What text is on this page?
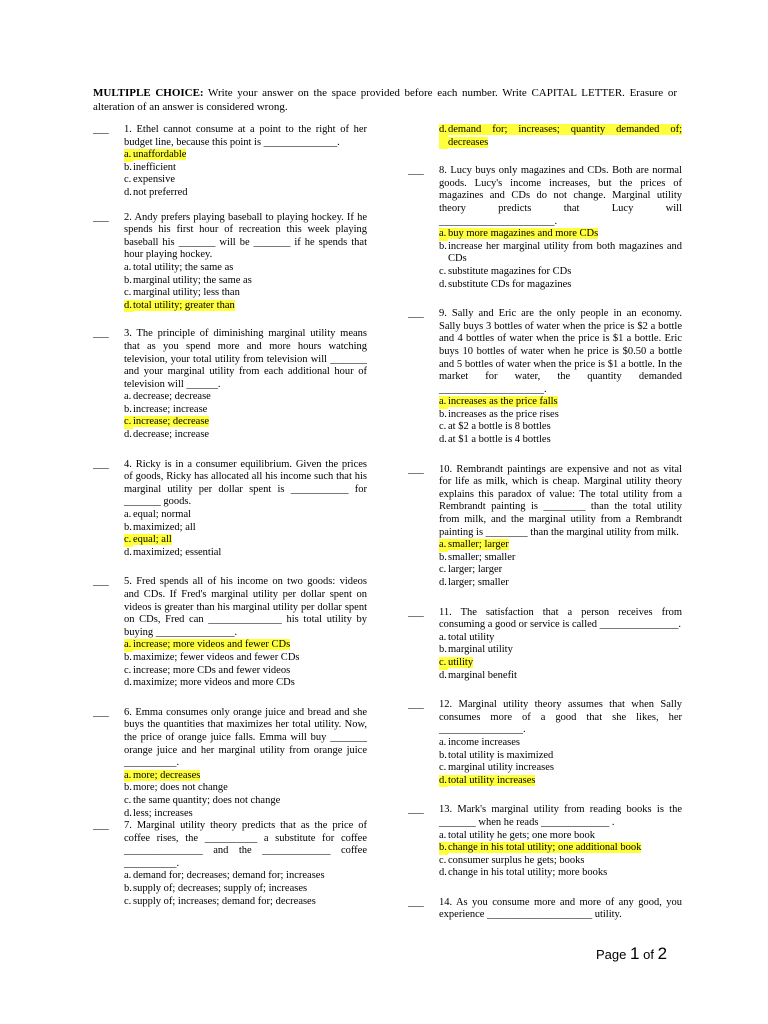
MULTIPLE CHOICE: Write your answer on the space provided before each number. Write CAPITAL LETTER. Erasure or alteration of an answer is considered wrong.
___	1. Ethel cannot consume at a point to the right of her budget line, because this point is ______________.

a. unaffordable
b. inefficient
c. expensive
d. not preferred
___	2. Andy prefers playing baseball to playing hockey. If he spends his first hour of recreation this week playing baseball his _______ will be _______ if he spends that hour playing hockey.

a. total utility; the same as
b. marginal utility; the same as
c. marginal utility; less than
d. total utility; greater than
___	3. The principle of diminishing marginal utility means that as you spend more and more hours watching television, your total utility from television will _______ and your marginal utility from each additional hour of television will ______.

a. decrease; decrease
b. increase; increase
c. increase; decrease
d. decrease; increase
___	4. Ricky is in a consumer equilibrium. Given the prices of goods, Ricky has allocated all his income such that his marginal utility per dollar spent is ___________ for _______ goods.

a. equal; normal
b. maximized; all
c. equal; all
d. maximized; essential
___	5. Fred spends all of his income on two goods: videos and CDs. If Fred's marginal utility per dollar spent on videos is greater than his marginal utility per dollar spent on CDs, Fred can ______________ his total utility by buying _______________.

a. increase; more videos and fewer CDs
b. maximize; fewer videos and fewer CDs
c. increase; more CDs and fewer videos
d. maximize; more videos and more CDs
___	6. Emma consumes only orange juice and bread and she buys the quantities that maximizes her total utility. Now, the price of orange juice falls. Emma will buy _______ orange juice and her marginal utility from orange juice __________.

a. more; decreases
b. more; does not change
c. the same quantity; does not change
d. less; increases
___	7. Marginal utility theory predicts that as the price of coffee rises, the __________ a substitute for coffee _______________ and the _____________ coffee __________.

a. demand for; decreases; demand for; increases
b. supply of; decreases; supply of; increases
c. supply of; increases; demand for; decreases
d. demand for; increases; quantity demanded of; decreases
___	8. Lucy buys only magazines and CDs. Both are normal goods. Lucy's income increases, but the prices of magazines and CDs do not change. Marginal utility theory predicts that Lucy will ______________________.

a. buy more magazines and more CDs
b. increase her marginal utility from both magazines and CDs
c. substitute magazines for CDs
d. substitute CDs for magazines
___	9. Sally and Eric are the only people in an economy. Sally buys 3 bottles of water when the price is $2 a bottle and 4 bottles of water when the price is $1 a bottle. Eric buys 10 bottles of water when he price is $0.50 a bottle and 5 bottles of water when the price is $1 a bottle. In the market for water, the quantity demanded ____________________.

a. increases as the price falls
b. increases as the price rises
c. at $2 a bottle is 8 bottles
d. at $1 a bottle is 4 bottles
___	10. Rembrandt paintings are expensive and not as vital for life as milk, which is cheap. Marginal utility theory explains this paradox of value: The total utility from a Rembrandt painting is ________ than the total utility from milk, and the marginal utility from a Rembrandt painting is ________ than the marginal utility from milk.

a. smaller; larger
b. smaller; smaller
c. larger; larger
d. larger; smaller
___	11. The satisfaction that a person receives from consuming a good or service is called _______________.

a. total utility
b. marginal utility
c. utility
d. marginal benefit
___	12. Marginal utility theory assumes that when Sally consumes more of a good that she likes, her ________________.

a. income increases
b. total utility is maximized
c. marginal utility increases
d. total utility increases
___	13. Mark's marginal utility from reading books is the _______ when he reads _____________ .

a. total utility he gets; one more book
b. change in his total utility; one additional book
c. consumer surplus he gets; books
d. change in his total utility; more books
___	14. As you consume more and more of any good, you experience ____________________ utility.

Page 1 of 2
